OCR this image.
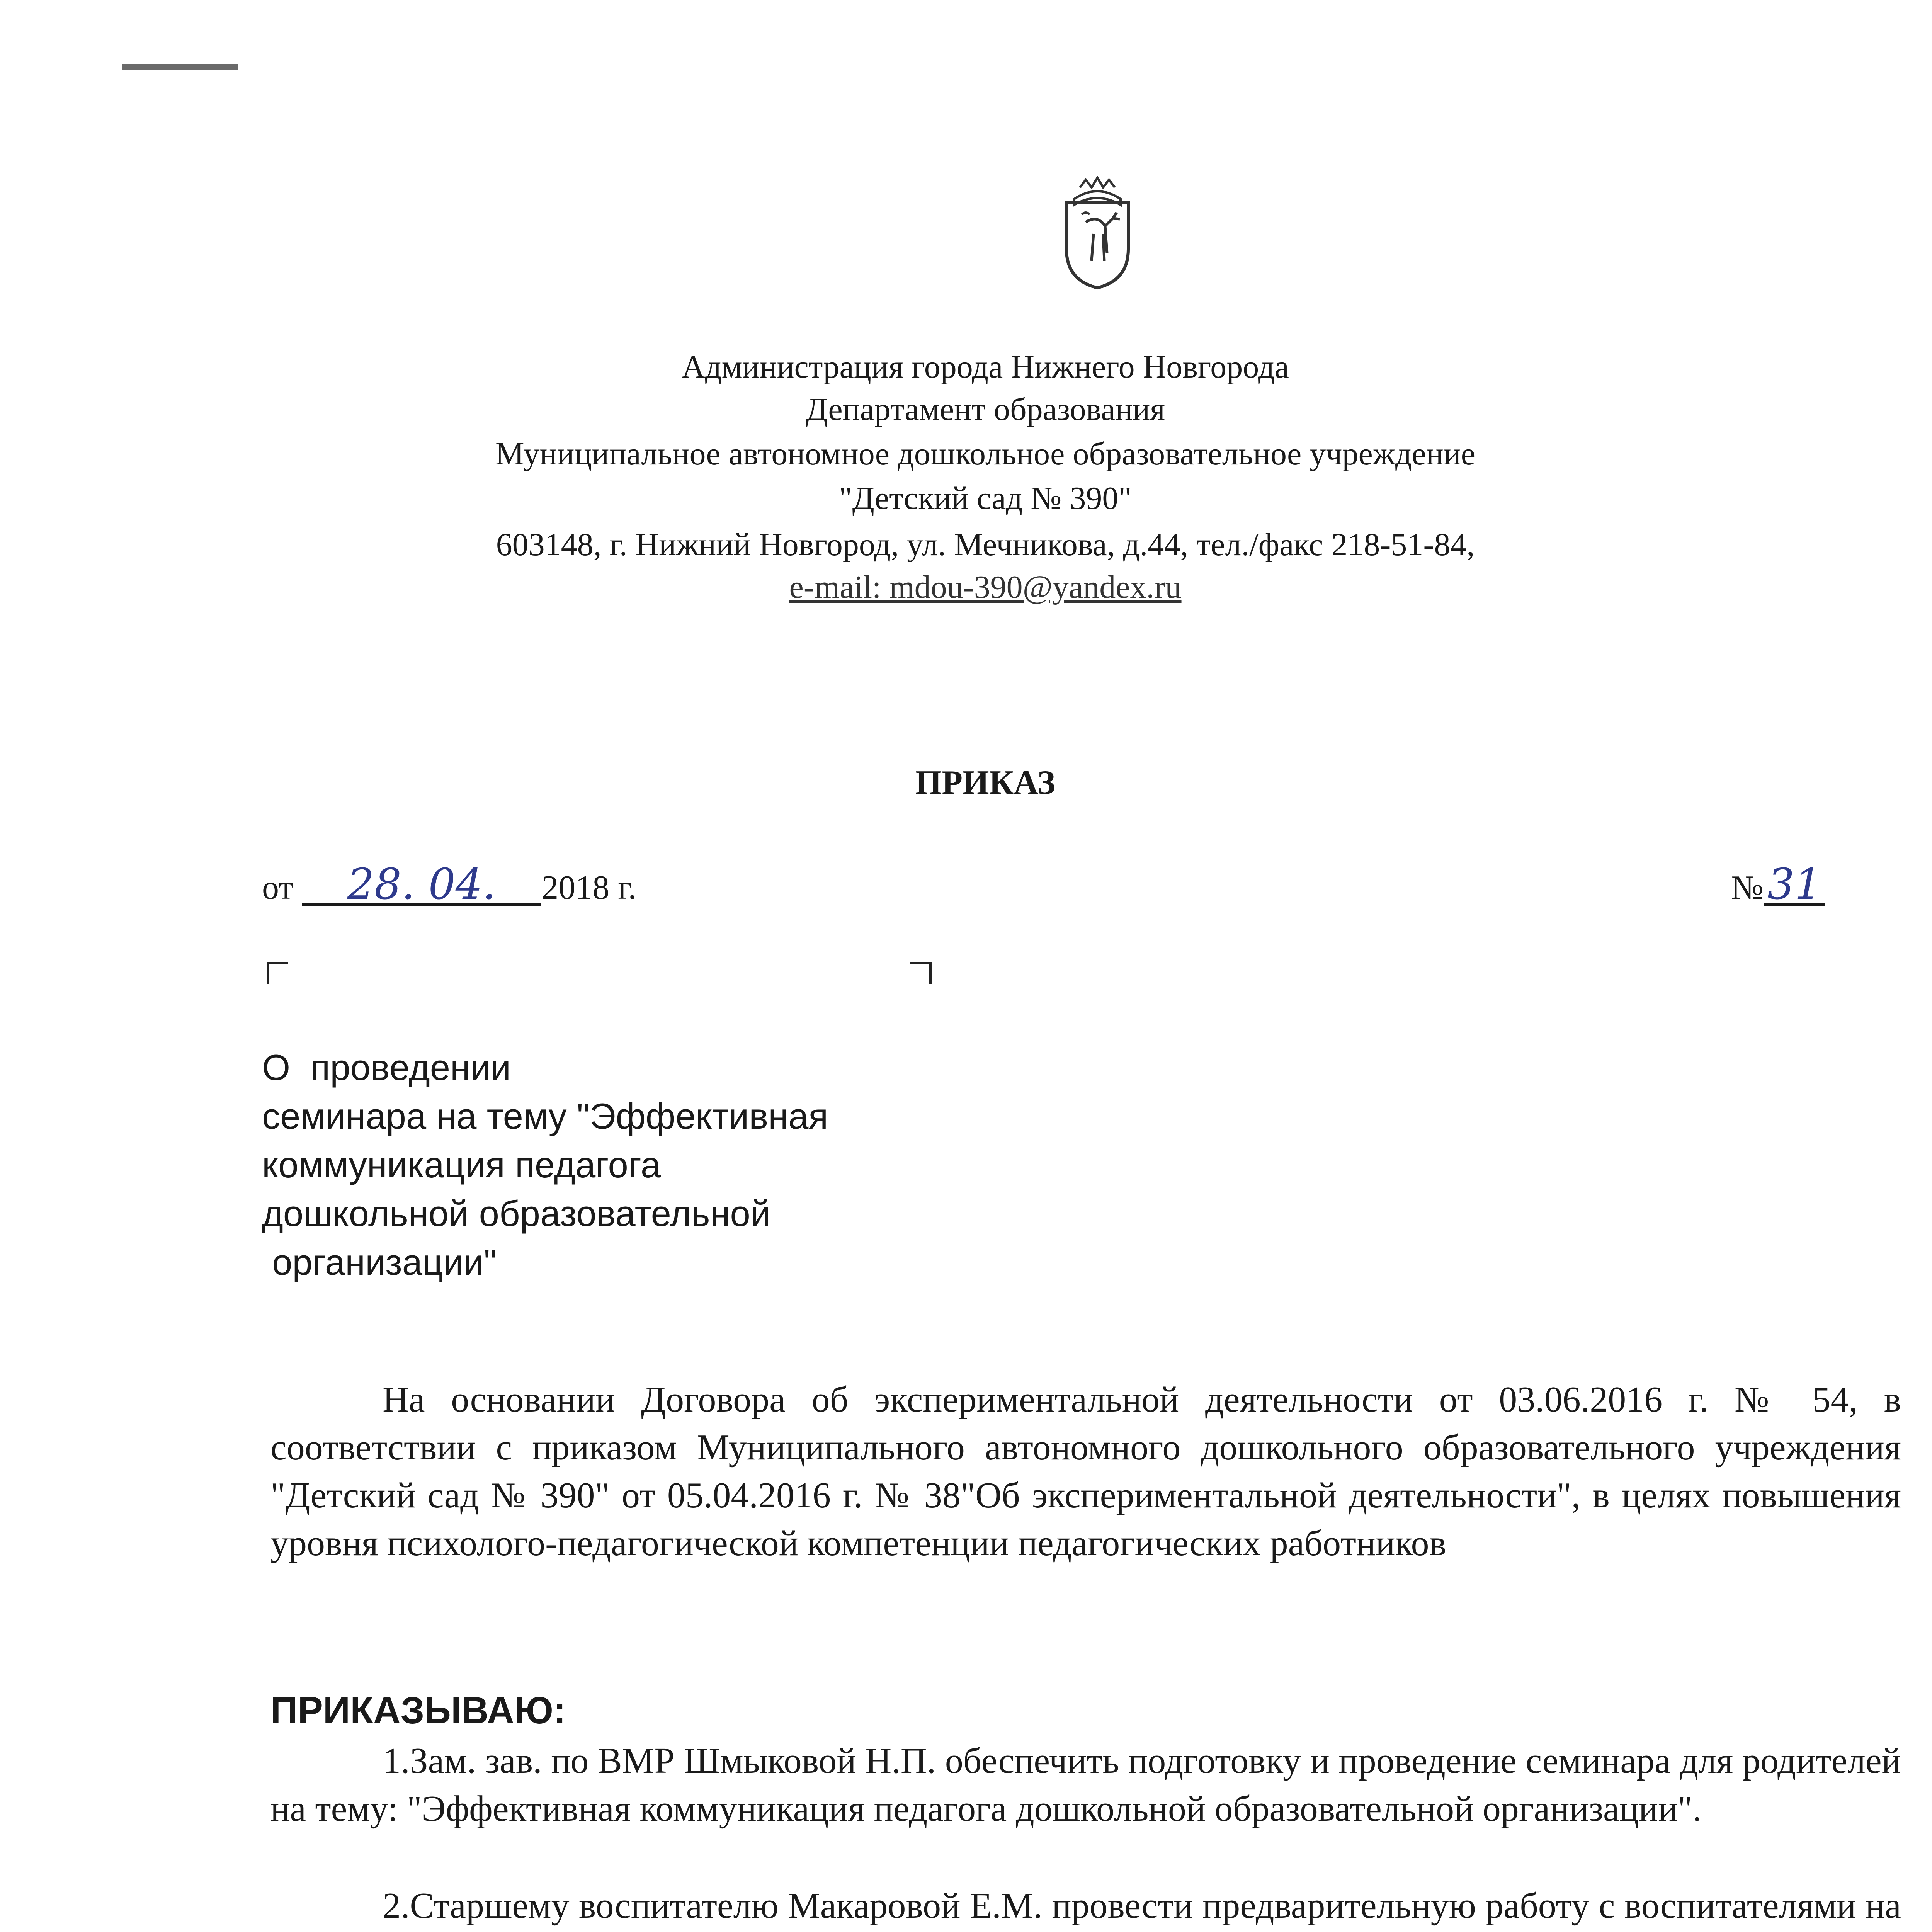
Администрация города Нижнего Новгорода
Департамент образования
Муниципальное автономное дошкольное образовательное учреждение
"Детский сад № 390"
603148, г. Нижний Новгород, ул. Мечникова, д.44, тел./факс 218-51-84,
e-mail: mdou-390@yandex.ru
ПРИКАЗ
от 28. 04. 2018 г.	№31
О  проведении
семинара на тему "Эффективная
коммуникация педагога
дошкольной образовательной
организации"
На основании Договора об экспериментальной деятельности от 03.06.2016 г. № 54, в соответствии с приказом Муниципального автономного дошкольного образовательного учреждения "Детский сад № 390" от 05.04.2016 г. № 38"Об экспериментальной деятельности", в целях повышения уровня психолого-педагогической компетенции педагогических работников
ПРИКАЗЫВАЮ:
1.Зам. зав. по ВМР Шмыковой Н.П. обеспечить подготовку и проведение семинара для родителей на тему: "Эффективная коммуникация педагога дошкольной образовательной организации".
2.Старшему воспитателю Макаровой Е.М. провести предварительную работу с воспитателями на
